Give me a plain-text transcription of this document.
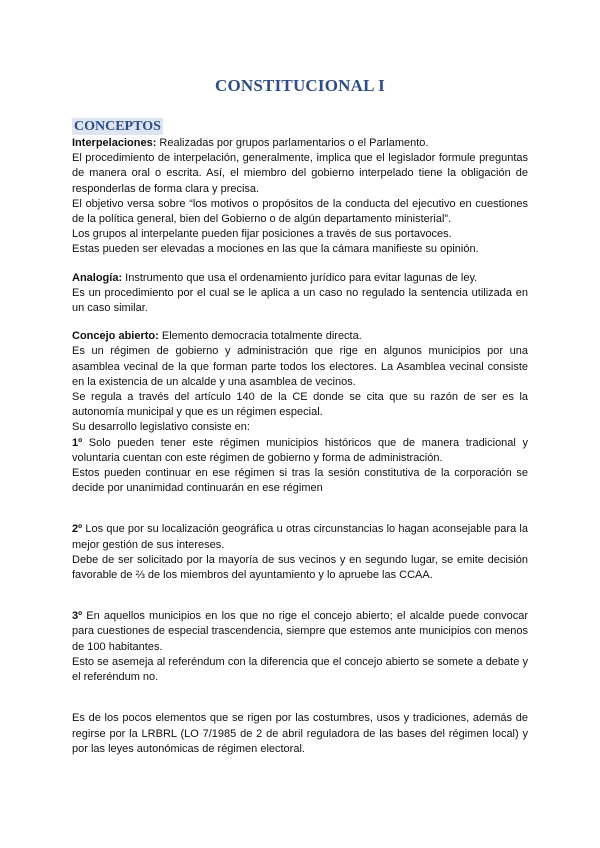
CONSTITUCIONAL I
CONCEPTOS

Interpelaciones: Realizadas por grupos parlamentarios o el Parlamento.

El procedimiento de interpelación, generalmente, implica que el legislador formule preguntas de manera oral o escrita. Así, el miembro del gobierno interpelado tiene la obligación de responderlas de forma clara y precisa.

El objetivo versa sobre “los motivos o propósitos de la conducta del ejecutivo en cuestiones de la política general, bien del Gobierno o de algún departamento ministerial”.

Los grupos al interpelante pueden fijar posiciones a través de sus portavoces.

Estas pueden ser elevadas a mociones en las que la cámara manifieste su opinión.

Analogía: Instrumento que usa el ordenamiento jurídico para evitar lagunas de ley.

Es un procedimiento por el cual se le aplica a un caso no regulado la sentencia utilizada en un caso similar.

Concejo abierto: Elemento democracia totalmente directa.

Es un régimen de gobierno y administración que rige en algunos municipios por una asamblea vecinal de la que forman parte todos los electores. La Asamblea vecinal consiste en la existencia de un alcalde y una asamblea de vecinos.

Se regula a través del artículo 140 de la CE donde se cita que su razón de ser es la autonomía municipal y que es un régimen especial.

Su desarrollo legislativo consiste en:

1º Solo pueden tener este régimen municipios históricos que de manera tradicional y voluntaria cuentan con este régimen de gobierno y forma de administración.

Estos pueden continuar en ese régimen si tras la sesión constitutiva de la corporación se decide por unanimidad continuarán en ese régimen

2º Los que por su localización geográfica u otras circunstancias lo hagan aconsejable para la mejor gestión de sus intereses.

Debe de ser solicitado por la mayoría de sus vecinos y en segundo lugar, se emite decisión favorable de ⅔ de los miembros del ayuntamiento y lo apruebe las CCAA.

3º En aquellos municipios en los que no rige el concejo abierto; el alcalde puede convocar para cuestiones de especial trascendencia, siempre que estemos ante municipios con menos de 100 habitantes.

Esto se asemeja al referéndum con la diferencia que el concejo abierto se somete a debate y el referéndum no.

Es de los pocos elementos que se rigen por las costumbres, usos y tradiciones, además de regirse por la LRBRL (LO 7/1985 de 2 de abril reguladora de las bases del régimen local) y por las leyes autonómicas de régimen electoral.
